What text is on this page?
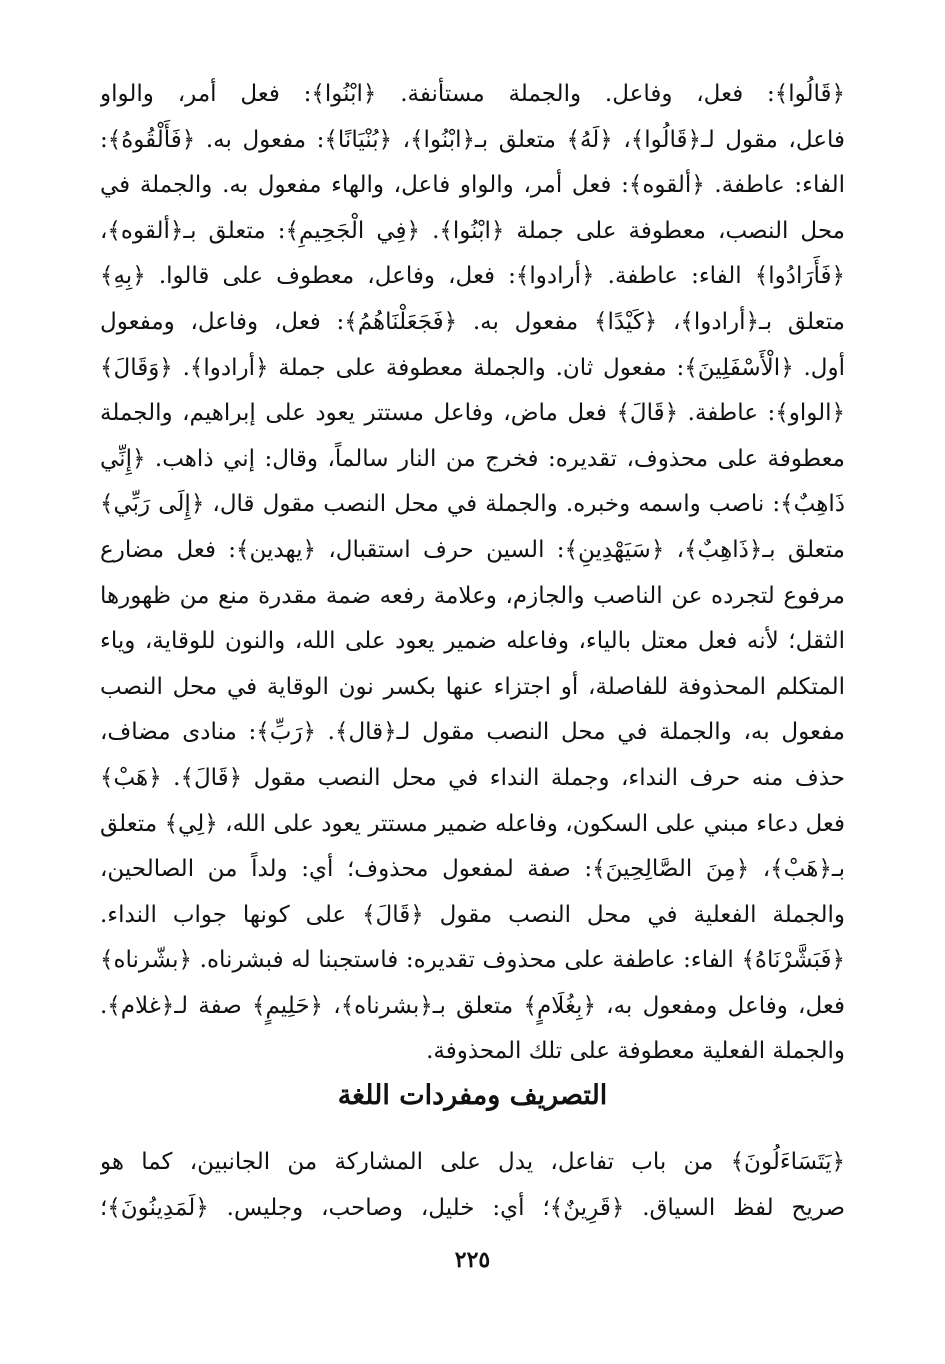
﴿قَالُوا﴾: فعل، وفاعل. والجملة مستأنفة. ﴿ابْنُوا﴾: فعل أمر، والواو
فاعل، مقول لـ﴿قَالُوا﴾، ﴿لَهُ﴾ متعلق بـ﴿ابْنُوا﴾، ﴿بُنْيَانًا﴾: مفعول به. ﴿فَأَلْقُوهُ﴾:
الفاء: عاطفة. ﴿ألقوه﴾: فعل أمر، والواو فاعل، والهاء مفعول به. والجملة في
محل النصب، معطوفة على جملة ﴿ابْنُوا﴾. ﴿فِي الْجَحِيمِ﴾: متعلق بـ﴿ألقوه﴾،
﴿فَأَرَادُوا﴾ الفاء: عاطفة. ﴿أرادوا﴾: فعل، وفاعل، معطوف على قالوا. ﴿بِهِ﴾
متعلق بـ﴿أرادوا﴾، ﴿كَيْدًا﴾ مفعول به. ﴿فَجَعَلْنَاهُمُ﴾: فعل، وفاعل، ومفعول
أول. ﴿الْأَسْفَلِينَ﴾: مفعول ثان. والجملة معطوفة على جملة ﴿أرادوا﴾. ﴿وَقَالَ﴾
﴿الواو﴾: عاطفة. ﴿قَالَ﴾ فعل ماض، وفاعل مستتر يعود على إبراهيم، والجملة
معطوفة على محذوف، تقديره: فخرج من النار سالماً، وقال: إني ذاهب. ﴿إِنِّي
ذَاهِبٌ﴾: ناصب واسمه وخبره. والجملة في محل النصب مقول قال، ﴿إِلَى رَبِّي﴾
متعلق بـ﴿ذَاهِبٌ﴾، ﴿سَيَهْدِينِ﴾: السين حرف استقبال، ﴿يهدين﴾: فعل مضارع
مرفوع لتجرده عن الناصب والجازم، وعلامة رفعه ضمة مقدرة منع من ظهورها
الثقل؛ لأنه فعل معتل بالياء، وفاعله ضمير يعود على الله، والنون للوقاية، وياء
المتكلم المحذوفة للفاصلة، أو اجتزاء عنها بكسر نون الوقاية في محل النصب
مفعول به، والجملة في محل النصب مقول لـ﴿قال﴾. ﴿رَبِّ﴾: منادى مضاف،
حذف منه حرف النداء، وجملة النداء في محل النصب مقول ﴿قَالَ﴾. ﴿هَبْ﴾
فعل دعاء مبني على السكون، وفاعله ضمير مستتر يعود على الله، ﴿لِي﴾ متعلق
بـ﴿هَبْ﴾، ﴿مِنَ الصَّالِحِينَ﴾: صفة لمفعول محذوف؛ أي: ولداً من الصالحين،
والجملة الفعلية في محل النصب مقول ﴿قَالَ﴾ على كونها جواب النداء.
﴿فَبَشَّرْنَاهُ﴾ الفاء: عاطفة على محذوف تقديره: فاستجبنا له فبشرناه. ﴿بشّرناه﴾
فعل، وفاعل ومفعول به، ﴿بِغُلَامٍ﴾ متعلق بـ﴿بشرناه﴾، ﴿حَلِيمٍ﴾ صفة لـ﴿غلام﴾.
والجملة الفعلية معطوفة على تلك المحذوفة.
التصريف ومفردات اللغة
﴿يَتَسَاءَلُونَ﴾ من باب تفاعل، يدل على المشاركة من الجانبين، كما هو
صريح لفظ السياق. ﴿قَرِينٌ﴾؛ أي: خليل، وصاحب، وجليس. ﴿لَمَدِينُونَ﴾؛
٢٢٥
